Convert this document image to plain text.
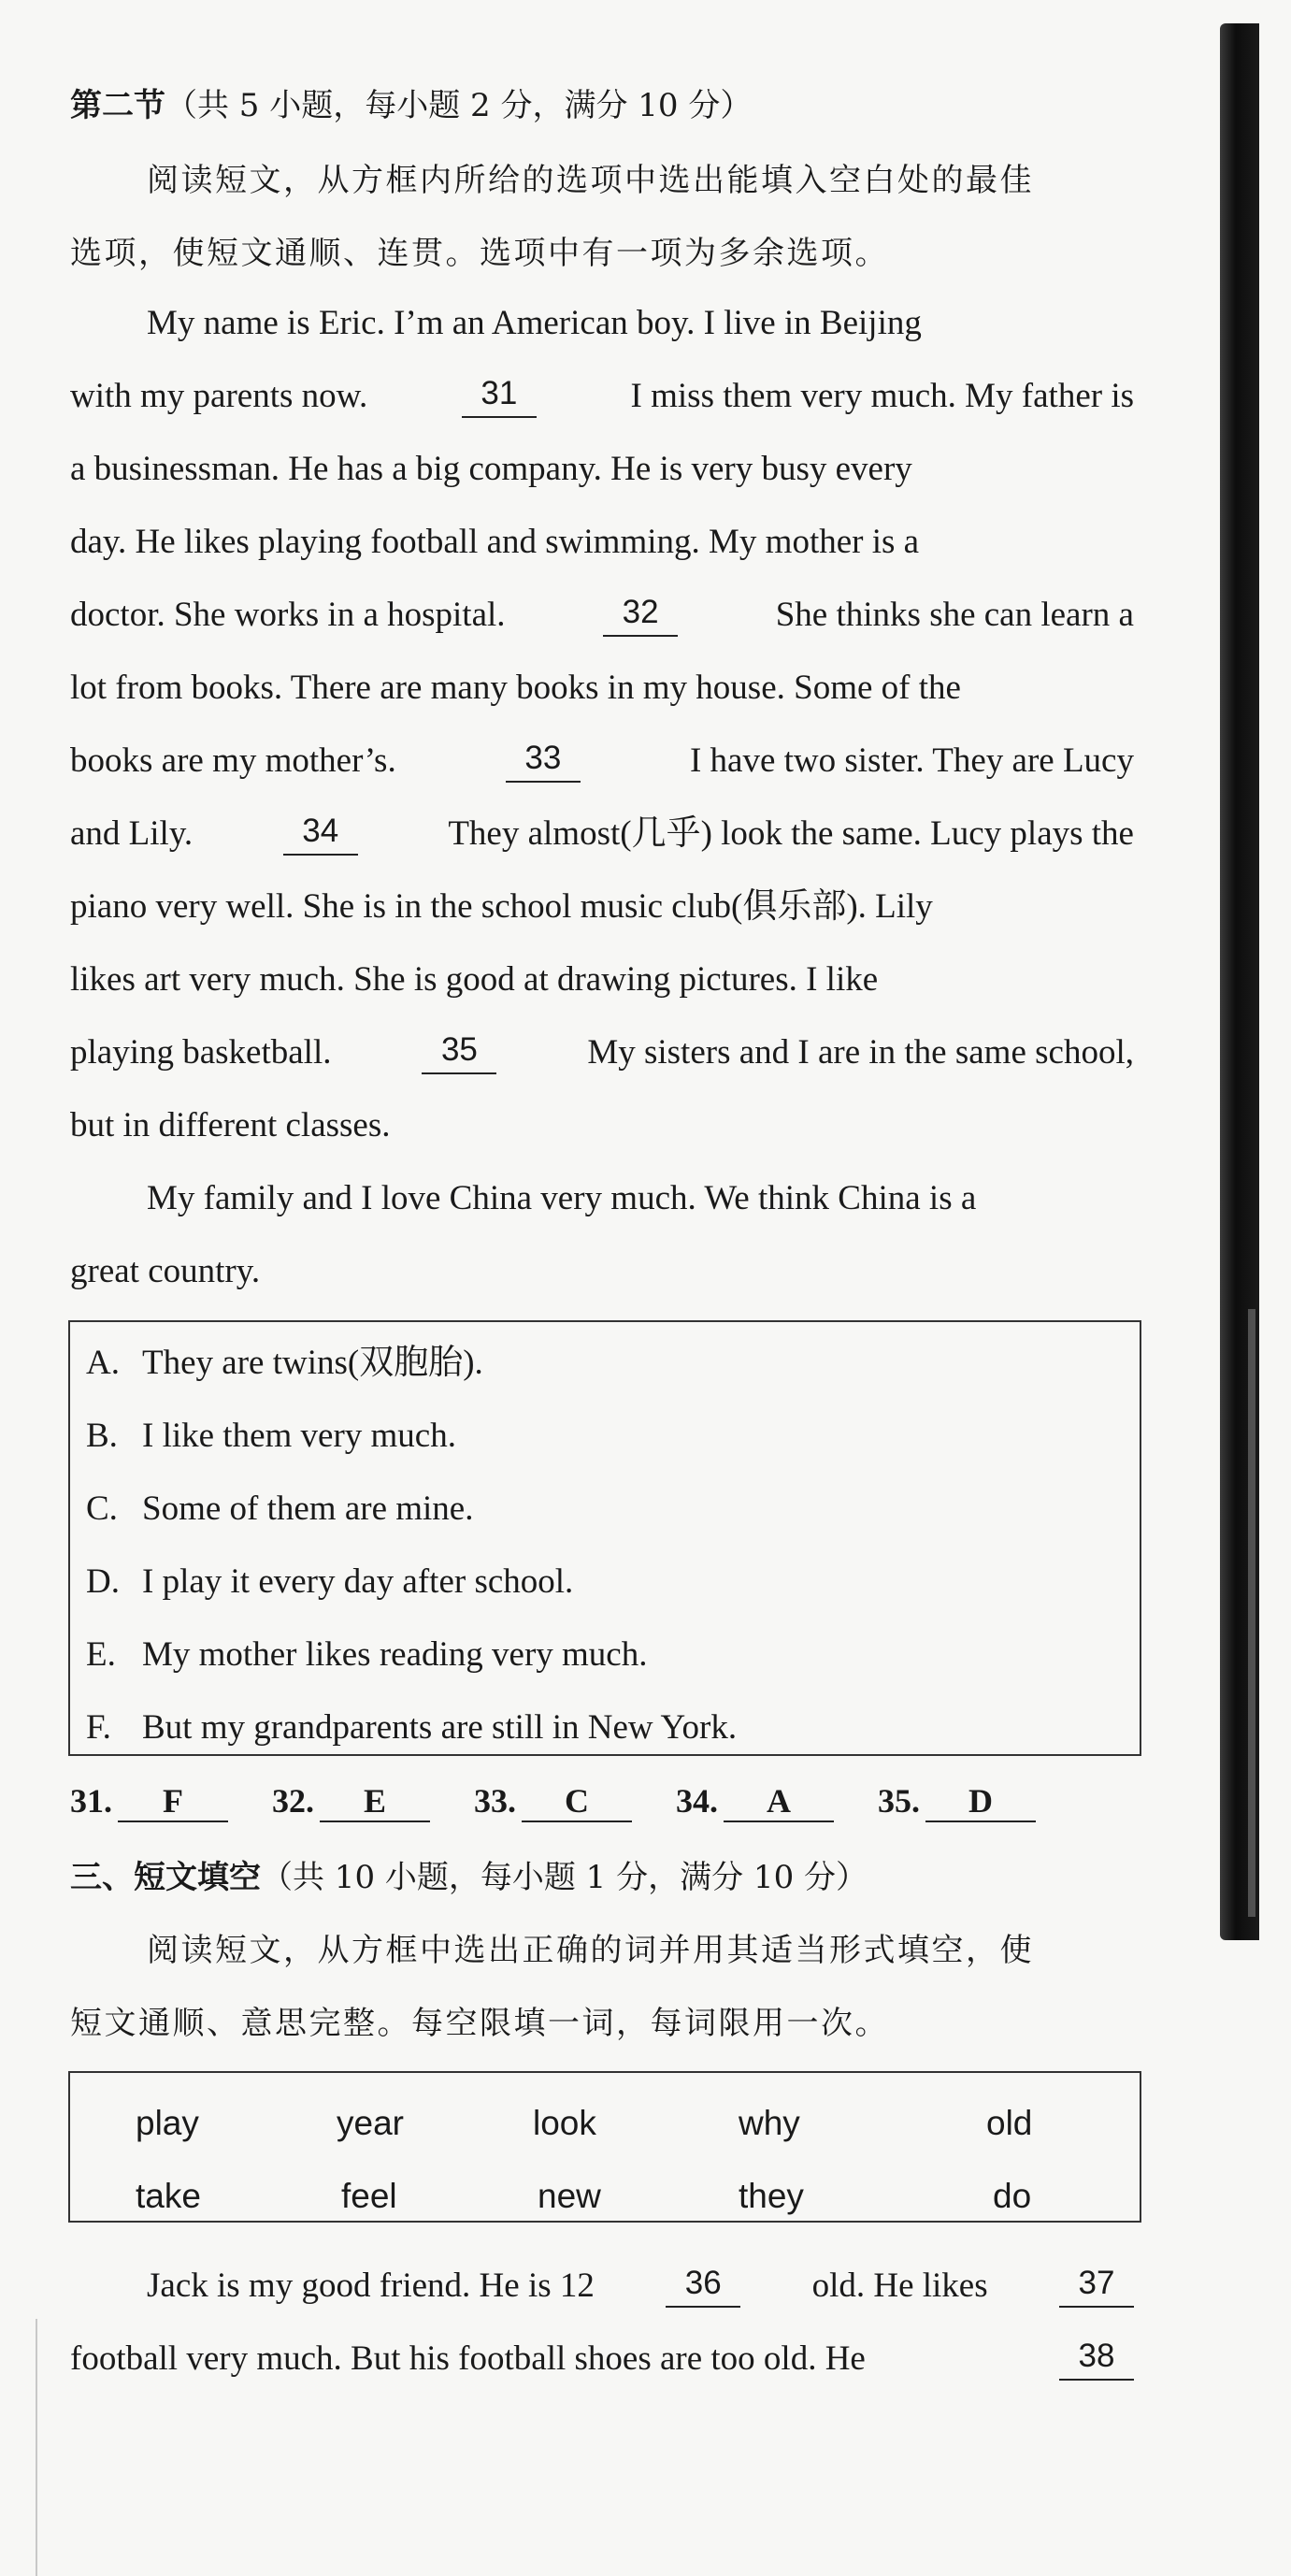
第二节（共 5 小题，每小题 2 分，满分 10 分）
阅读短文，从方框内所给的选项中选出能填入空白处的最佳
选项，使短文通顺、连贯。选项中有一项为多余选项。
My name is Eric. I’m an American boy. I live in Beijing
with my parents now.	31	I miss them very much. My father is
a businessman. He has a big company. He is very busy every
day. He likes playing football and swimming. My mother is a
doctor. She works in a hospital.	32	She thinks she can learn a
lot from books. There are many books in my house. Some of the
books are my mother’s.	33	I have two sister. They are Lucy
and Lily.	34	They almost(几乎) look the same. Lucy plays the
piano very well. She is in the school music club(俱乐部). Lily
likes art very much. She is good at drawing pictures. I like
playing basketball.	35	My sisters and I are in the same school,
but in different classes.
My family and I love China very much. We think China is a
great country.
A. They are twins(双胞胎).
B. I like them very much.
C. Some of them are mine.
D. I play it every day after school.
E. My mother likes reading very much.
F. But my grandparents are still in New York.
31. F	32. E	33. C	34. A	35. D
三、短文填空（共 10 小题，每小题 1 分，满分 10 分）
阅读短文，从方框中选出正确的词并用其适当形式填空，使
短文通顺、意思完整。每空限填一词，每词限用一次。
play	year	look	why	old
take	feel	new	they	do
Jack is my good friend. He is 12	36	old. He likes	37
football very much. But his football shoes are too old. He	38
